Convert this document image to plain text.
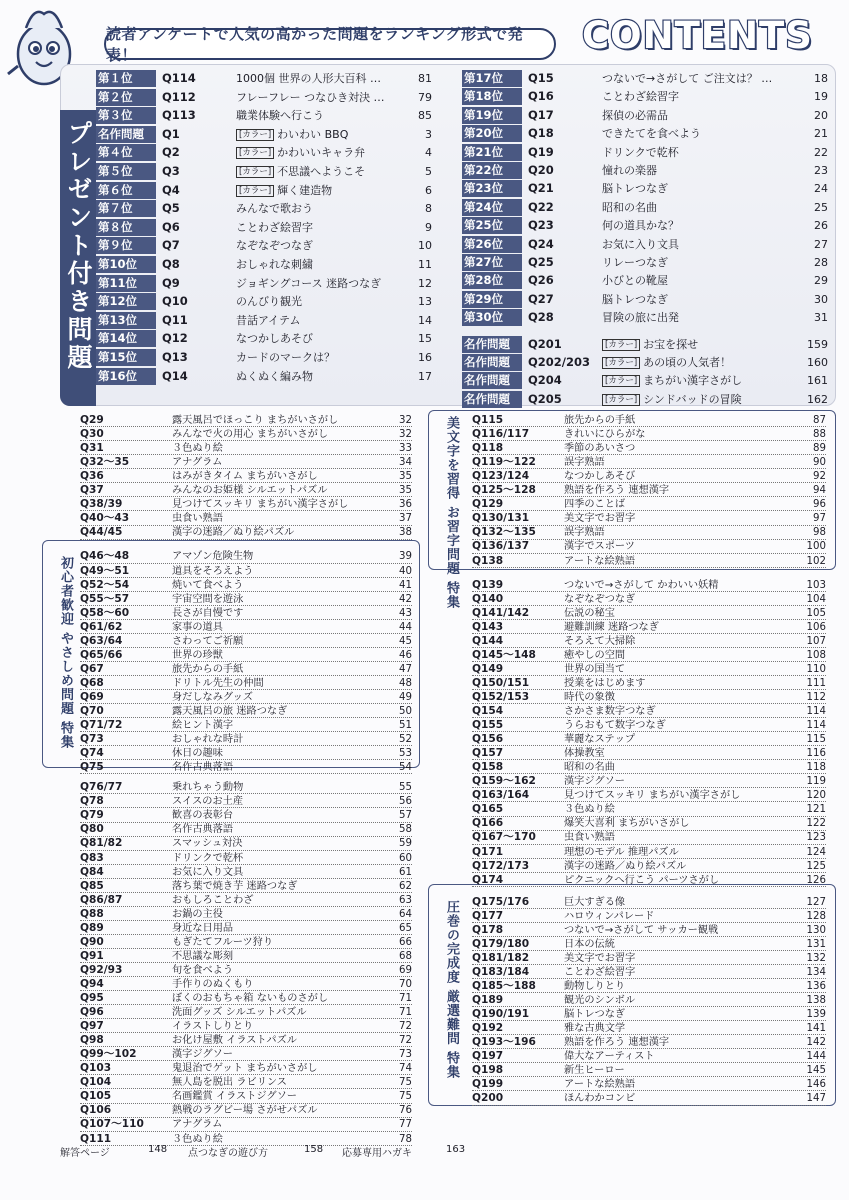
読者アンケートで人気の高かった問題をランキング形式で発表！	CONTENTS
プレゼント付き問題
第１位	Q114	1000個 世界の人形大百科 …	81
第２位	Q112	フレーフレー つなひき対決 …	79
第３位	Q113	職業体験へ行こう	85
名作問題	Q1	[カラー] わいわい BBQ	3
第４位	Q2	[カラー] かわいいキャラ弁	4
第５位	Q3	[カラー] 不思議へようこそ	5
第６位	Q4	[カラー] 輝く建造物	6
第７位	Q5	みんなで歌おう	8
第８位	Q6	ことわざ絵習字	9
第９位	Q7	なぞなぞつなぎ	10
第10位	Q8	おしゃれな刺繍	11
第11位	Q9	ジョギングコース 迷路つなぎ	12
第12位	Q10	のんびり観光	13
第13位	Q11	昔話アイテム	14
第14位	Q12	なつかしあそび	15
第15位	Q13	カードのマークは？	16
第16位	Q14	ぬくぬく編み物	17
第17位	Q15	つないで→さがして ご注文は？ …	18
第18位	Q16	ことわざ絵習字	19
第19位	Q17	探偵の必需品	20
第20位	Q18	できたてを食べよう	21
第21位	Q19	ドリンクで乾杯	22
第22位	Q20	憧れの楽器	23
第23位	Q21	脳トレつなぎ	24
第24位	Q22	昭和の名曲	25
第25位	Q23	何の道具かな？	26
第26位	Q24	お気に入り文具	27
第27位	Q25	リレーつなぎ	28
第28位	Q26	小びとの靴屋	29
第29位	Q27	脳トレつなぎ	30
第30位	Q28	冒険の旅に出発	31
名作問題	Q201	[カラー] お宝を探せ	159
名作問題	Q202/203	[カラー] あの頃の人気者！	160
名作問題	Q204	[カラー] まちがい漢字さがし	161
名作問題	Q205	[カラー] シンドバッドの冒険	162
美文字を習得 お習字問題 特集
初心者歓迎 やさしめ問題 特集
圧巻の完成度 厳選難問 特集
Q29	露天風呂でほっこり まちがいさがし	32
Q30	みんなで火の用心 まちがいさがし	32
Q31	３色ぬり絵	33
Q32～35	アナグラム	34
Q36	はみがきタイム まちがいさがし	35
Q37	みんなのお姫様 シルエットパズル	35
Q38/39	見つけてスッキリ まちがい漢字さがし	36
Q40～43	虫食い熟語	37
Q44/45	漢字の迷路／ぬり絵パズル	38
Q46～48	アマゾン危険生物	39
Q49～51	道具をそろえよう	40
Q52～54	焼いて食べよう	41
Q55～57	宇宙空間を遊泳	42
Q58～60	長さが自慢です	43
Q61/62	家事の道具	44
Q63/64	さわってご祈願	45
Q65/66	世界の珍獣	46
Q67	旅先からの手紙	47
Q68	ドリトル先生の仲間	48
Q69	身だしなみグッズ	49
Q70	露天風呂の旅 迷路つなぎ	50
Q71/72	絵ヒント漢字	51
Q73	おしゃれな時計	52
Q74	休日の趣味	53
Q75	名作古典落語	54
Q76/77	乗れちゃう動物	55
Q78	スイスのお土産	56
Q79	歓喜の表彰台	57
Q80	名作古典落語	58
Q81/82	スマッシュ対決	59
Q83	ドリンクで乾杯	60
Q84	お気に入り文具	61
Q85	落ち葉で焼き芋 迷路つなぎ	62
Q86/87	おもしろことわざ	63
Q88	お鍋の主役	64
Q89	身近な日用品	65
Q90	もぎたてフルーツ狩り	66
Q91	不思議な彫刻	68
Q92/93	旬を食べよう	69
Q94	手作りのぬくもり	70
Q95	ぼくのおもちゃ箱 ないものさがし	71
Q96	洗面グッズ シルエットパズル	71
Q97	イラストしりとり	72
Q98	お化け屋敷 イラストパズル	72
Q99～102	漢字ジグソー	73
Q103	鬼退治でゲット まちがいさがし	74
Q104	無人島を脱出 ラビリンス	75
Q105	名画鑑賞 イラストジグソー	75
Q106	熱戦のラグビー場 さがせパズル	76
Q107～110	アナグラム	77
Q111	３色ぬり絵	78
Q115	旅先からの手紙	87
Q116/117	きれいにひらがな	88
Q118	季節のあいさつ	89
Q119～122	誤字熟語	90
Q123/124	なつかしあそび	92
Q125～128	熟語を作ろう 連想漢字	94
Q129	四季のことば	96
Q130/131	美文字でお習字	97
Q132～135	誤字熟語	98
Q136/137	漢字でスポーツ	100
Q138	アートな絵熟語	102
Q139	つないで→さがして かわいい妖精	103
Q140	なぞなぞつなぎ	104
Q141/142	伝説の秘宝	105
Q143	避難訓練 迷路つなぎ	106
Q144	そろえて大掃除	107
Q145～148	癒やしの空間	108
Q149	世界の国当て	110
Q150/151	授業をはじめます	111
Q152/153	時代の象徴	112
Q154	さかさま数字つなぎ	114
Q155	うらおもて数字つなぎ	114
Q156	華麗なステップ	115
Q157	体操教室	116
Q158	昭和の名曲	118
Q159～162	漢字ジグソー	119
Q163/164	見つけてスッキリ まちがい漢字さがし	120
Q165	３色ぬり絵	121
Q166	爆笑大喜利 まちがいさがし	122
Q167～170	虫食い熟語	123
Q171	理想のモデル 推理パズル	124
Q172/173	漢字の迷路／ぬり絵パズル	125
Q174	ピクニックへ行こう パーツさがし	126
Q175/176	巨大すぎる像	127
Q177	ハロウィンパレード	128
Q178	つないで→さがして サッカー観戦	130
Q179/180	日本の伝統	131
Q181/182	美文字でお習字	132
Q183/184	ことわざ絵習字	134
Q185～188	動物しりとり	136
Q189	観光のシンボル	138
Q190/191	脳トレつなぎ	139
Q192	雅な古典文学	141
Q193～196	熟語を作ろう 連想漢字	142
Q197	偉大なアーティスト	144
Q198	新生ヒーロー	145
Q199	アートな絵熟語	146
Q200	ほんわかコンビ	147
解答ページ	148 点つなぎの遊び方	158 応募専用ハガキ	163
